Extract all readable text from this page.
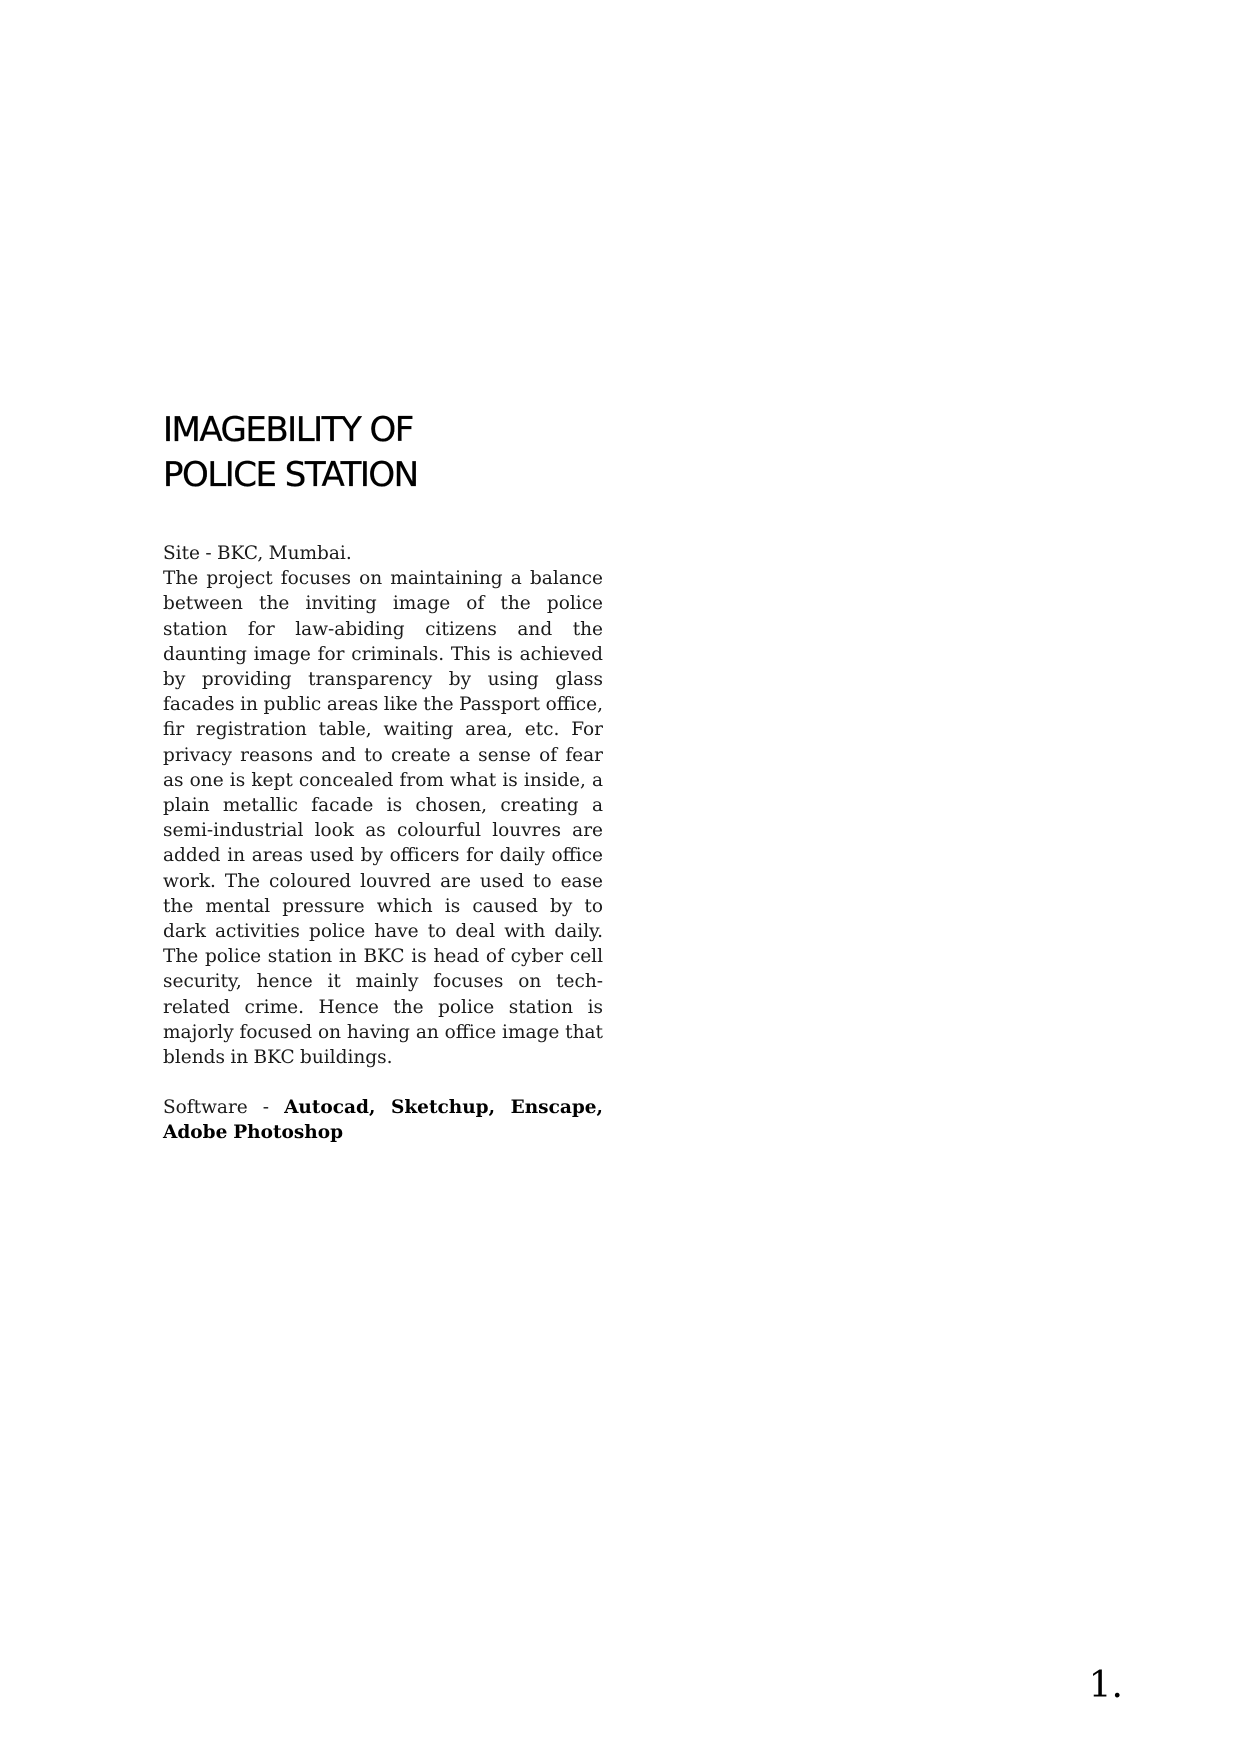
IMAGEBILITY OF
POLICE STATION
Site - BKC, Mumbai.
The project focuses on maintaining a balance between the inviting image of the police station for law-abiding citizens and the daunting image for criminals. This is achieved by providing transparency by using glass facades in public areas like the Passport office, fir registration table, waiting area, etc. For privacy reasons and to create a sense of fear as one is kept concealed from what is inside, a plain metallic facade is chosen, creating a semi-industrial look as colourful louvres are added in areas used by officers for daily office work. The coloured louvred are used to ease the mental pressure which is caused by to dark activities police have to deal with daily. The police station in BKC is head of cyber cell security, hence it mainly focuses on tech-related crime. Hence the police station is majorly focused on having an office image that blends in BKC buildings.
Software - Autocad, Sketchup, Enscape, Adobe Photoshop
1.
